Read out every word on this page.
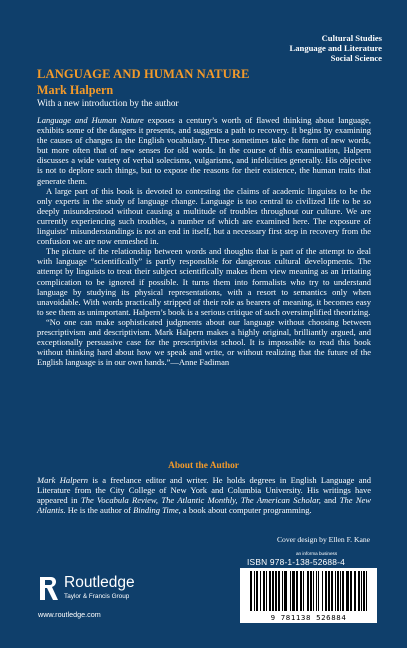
Cultural Studies
Language and Literature
Social Science
LANGUAGE AND HUMAN NATURE
Mark Halpern
With a new introduction by the author

Language and Human Nature exposes a century’s worth of flawed thinking about language, exhibits some of the dangers it presents, and suggests a path to recovery. It begins by examining the causes of changes in the English vocabulary. These sometimes take the form of new words, but more often that of new senses for old words. In the course of this examination, Halpern discusses a wide variety of verbal solecisms, vulgarisms, and infelicities generally. His objective is not to deplore such things, but to expose the reasons for their existence, the human traits that generate them.

A large part of this book is devoted to contesting the claims of academic linguists to be the only experts in the study of language change. Language is too central to civilized life to be so deeply misunderstood without causing a multitude of troubles throughout our culture. We are currently experiencing such troubles, a number of which are examined here. The exposure of linguists’ misunderstandings is not an end in itself, but a necessary first step in recovery from the confusion we are now enmeshed in.

The picture of the relationship between words and thoughts that is part of the attempt to deal with language “scientifically” is partly responsible for dangerous cultural developments. The attempt by linguists to treat their subject scientifically makes them view meaning as an irritating complication to be ignored if possible. It turns them into formalists who try to understand language by studying its physical representations, with a resort to semantics only when unavoidable. With words practically stripped of their role as bearers of meaning, it becomes easy to see them as unimportant. Halpern’s book is a serious critique of such oversimplified theorizing.

“No one can make sophisticated judgments about our language without choosing between prescriptivism and descriptivism. Mark Halpern makes a highly original, brilliantly argued, and exceptionally persuasive case for the prescriptivist school. It is impossible to read this book without thinking hard about how we speak and write, or without realizing that the future of the English language is in our own hands.”—Anne Fadiman

About the Author

Mark Halpern is a freelance editor and writer. He holds degrees in English Language and Literature from the City College of New York and Columbia University. His writings have appeared in The Vocabula Review, The Atlantic Monthly, The American Scholar, and The New Atlantis. He is the author of Binding Time, a book about computer programming.

Cover design by Ellen F. Kane
an informa business
ISBN 978-1-138-52688-4
9 781138 526884
Routledge
Taylor & Francis Group
www.routledge.com
